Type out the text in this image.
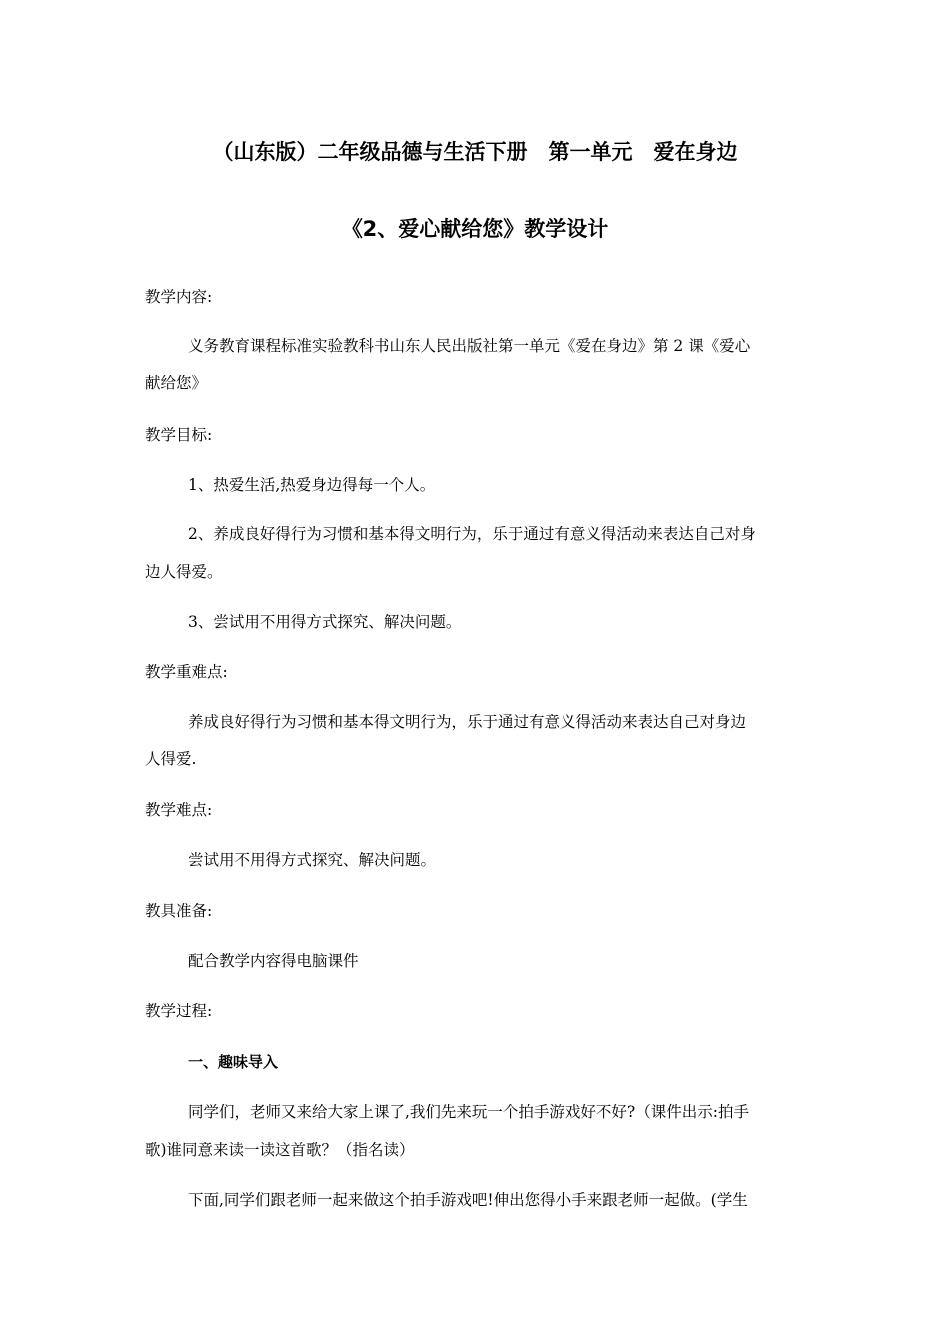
（山东版）二年级品德与生活下册　第一单元　爱在身边
《2、爱心献给您》教学设计
教学内容:
义务教育课程标准实验教科书山东人民出版社第一单元《爱在身边》第 2 课《爱心
献给您》
教学目标:
1、热爱生活,热爱身边得每一个人。
2、养成良好得行为习惯和基本得文明行为，乐于通过有意义得活动来表达自己对身
边人得爱。
3、尝试用不用得方式探究、解决问题。
教学重难点:
养成良好得行为习惯和基本得文明行为，乐于通过有意义得活动来表达自己对身边
人得爱.
教学难点:
尝试用不用得方式探究、解决问题。
教具准备:
配合教学内容得电脑课件
教学过程:
一、趣味导入
同学们，老师又来给大家上课了,我们先来玩一个拍手游戏好不好?（课件出示:拍手
歌)谁同意来读一读这首歌？（指名读）
下面,同学们跟老师一起来做这个拍手游戏吧!伸出您得小手来跟老师一起做。(学生
